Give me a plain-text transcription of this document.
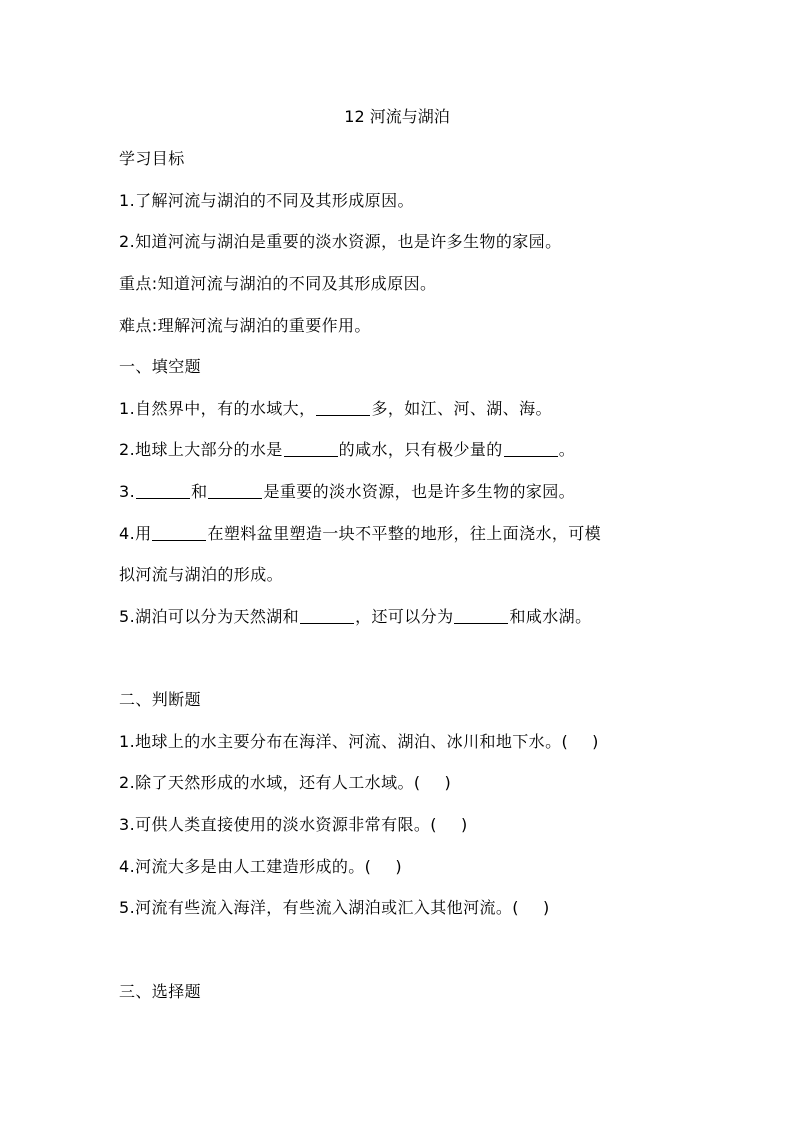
12 河流与湖泊
学习目标
1.了解河流与湖泊的不同及其形成原因。
2.知道河流与湖泊是重要的淡水资源，也是许多生物的家园。
重点:知道河流与湖泊的不同及其形成原因。
难点:理解河流与湖泊的重要作用。
一、填空题
1.自然界中，有的水域大，	多，如江、河、湖、海。
2.地球上大部分的水是	的咸水，只有极少量的	。
3.	和	是重要的淡水资源，也是许多生物的家园。
4.用	在塑料盆里塑造一块不平整的地形，往上面浇水，可模
拟河流与湖泊的形成。
5.湖泊可以分为天然湖和	，还可以分为	和咸水湖。
二、判断题
1.地球上的水主要分布在海洋、河流、湖泊、冰川和地下水。( )
2.除了天然形成的水域，还有人工水域。( )
3.可供人类直接使用的淡水资源非常有限。( )
4.河流大多是由人工建造形成的。( )
5.河流有些流入海洋，有些流入湖泊或汇入其他河流。( )
三、选择题
